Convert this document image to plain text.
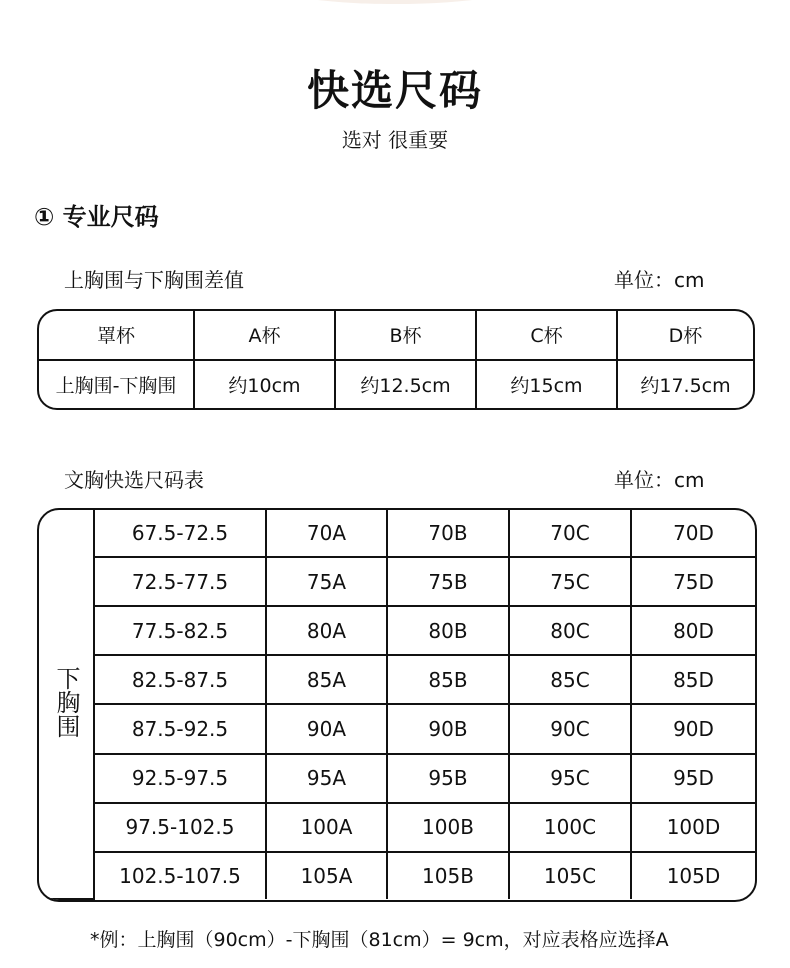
快选尺码
选对 很重要
① 专业尺码
上胸围与下胸围差值	单位：cm
罩杯	A杯	B杯	C杯	D杯
上胸围-下胸围	约10cm	约12.5cm	约15cm	约17.5cm
文胸快选尺码表	单位：cm
下胸围	67.5-72.5	70A	70B	70C	70D
	72.5-77.5	75A	75B	75C	75D
	77.5-82.5	80A	80B	80C	80D
	82.5-87.5	85A	85B	85C	85D
	87.5-92.5	90A	90B	90C	90D
	92.5-97.5	95A	95B	95C	95D
	97.5-102.5	100A	100B	100C	100D
	102.5-107.5	105A	105B	105C	105D
*例：上胸围（90cm）-下胸围（81cm）= 9cm，对应表格应选择A
